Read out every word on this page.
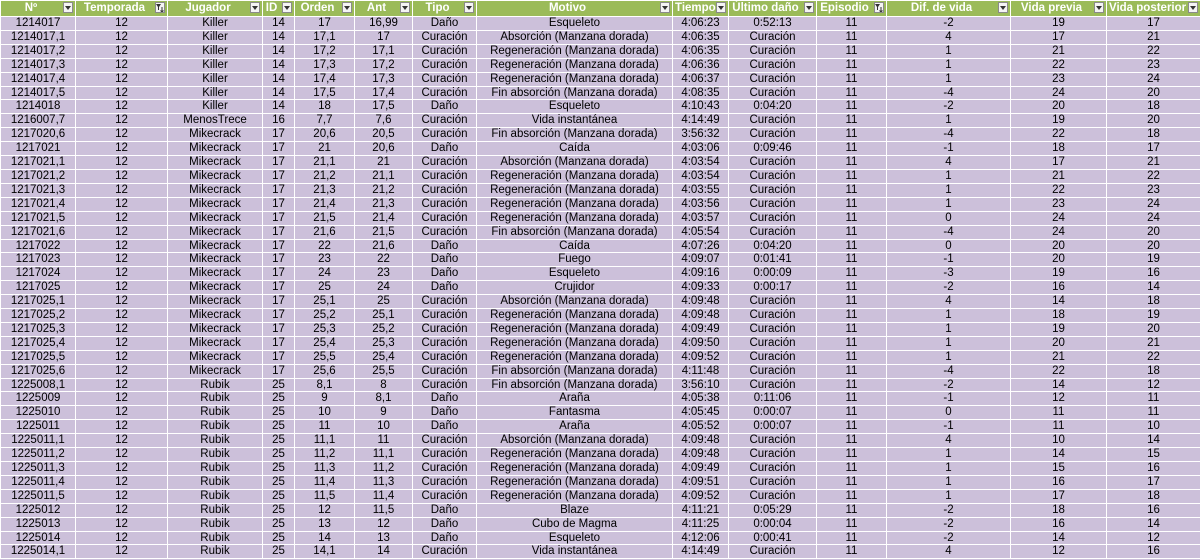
Nº	Temporada	Jugador	ID	Orden	Ant	Tipo	Motivo	Tiempo	Último daño	Episodio	Dif. de vida	Vida previa	Vida posterior

1214017	12	Killer	14	17	16,99	Daño	Esqueleto	4:06:23	0:52:13	11	-2	19	17
1214017,1	12	Killer	14	17,1	17	Curación	Absorción (Manzana dorada)	4:06:35	Curación	11	4	17	21
1214017,2	12	Killer	14	17,2	17,1	Curación	Regeneración (Manzana dorada)	4:06:35	Curación	11	1	21	22
1214017,3	12	Killer	14	17,3	17,2	Curación	Regeneración (Manzana dorada)	4:06:36	Curación	11	1	22	23
1214017,4	12	Killer	14	17,4	17,3	Curación	Regeneración (Manzana dorada)	4:06:37	Curación	11	1	23	24
1214017,5	12	Killer	14	17,5	17,4	Curación	Fin absorción (Manzana dorada)	4:08:35	Curación	11	-4	24	20
1214018	12	Killer	14	18	17,5	Daño	Esqueleto	4:10:43	0:04:20	11	-2	20	18
1216007,7	12	MenosTrece	16	7,7	7,6	Curación	Vida instantánea	4:14:49	Curación	11	1	19	20
1217020,6	12	Mikecrack	17	20,6	20,5	Curación	Fin absorción (Manzana dorada)	3:56:32	Curación	11	-4	22	18
1217021	12	Mikecrack	17	21	20,6	Daño	Caída	4:03:06	0:09:46	11	-1	18	17
1217021,1	12	Mikecrack	17	21,1	21	Curación	Absorción (Manzana dorada)	4:03:54	Curación	11	4	17	21
1217021,2	12	Mikecrack	17	21,2	21,1	Curación	Regeneración (Manzana dorada)	4:03:54	Curación	11	1	21	22
1217021,3	12	Mikecrack	17	21,3	21,2	Curación	Regeneración (Manzana dorada)	4:03:55	Curación	11	1	22	23
1217021,4	12	Mikecrack	17	21,4	21,3	Curación	Regeneración (Manzana dorada)	4:03:56	Curación	11	1	23	24
1217021,5	12	Mikecrack	17	21,5	21,4	Curación	Regeneración (Manzana dorada)	4:03:57	Curación	11	0	24	24
1217021,6	12	Mikecrack	17	21,6	21,5	Curación	Fin absorción (Manzana dorada)	4:05:54	Curación	11	-4	24	20
1217022	12	Mikecrack	17	22	21,6	Daño	Caída	4:07:26	0:04:20	11	0	20	20
1217023	12	Mikecrack	17	23	22	Daño	Fuego	4:09:07	0:01:41	11	-1	20	19
1217024	12	Mikecrack	17	24	23	Daño	Esqueleto	4:09:16	0:00:09	11	-3	19	16
1217025	12	Mikecrack	17	25	24	Daño	Crujidor	4:09:33	0:00:17	11	-2	16	14
1217025,1	12	Mikecrack	17	25,1	25	Curación	Absorción (Manzana dorada)	4:09:48	Curación	11	4	14	18
1217025,2	12	Mikecrack	17	25,2	25,1	Curación	Regeneración (Manzana dorada)	4:09:48	Curación	11	1	18	19
1217025,3	12	Mikecrack	17	25,3	25,2	Curación	Regeneración (Manzana dorada)	4:09:49	Curación	11	1	19	20
1217025,4	12	Mikecrack	17	25,4	25,3	Curación	Regeneración (Manzana dorada)	4:09:50	Curación	11	1	20	21
1217025,5	12	Mikecrack	17	25,5	25,4	Curación	Regeneración (Manzana dorada)	4:09:52	Curación	11	1	21	22
1217025,6	12	Mikecrack	17	25,6	25,5	Curación	Fin absorción (Manzana dorada)	4:11:48	Curación	11	-4	22	18
1225008,1	12	Rubik	25	8,1	8	Curación	Fin absorción (Manzana dorada)	3:56:10	Curación	11	-2	14	12
1225009	12	Rubik	25	9	8,1	Daño	Araña	4:05:38	0:11:06	11	-1	12	11
1225010	12	Rubik	25	10	9	Daño	Fantasma	4:05:45	0:00:07	11	0	11	11
1225011	12	Rubik	25	11	10	Daño	Araña	4:05:52	0:00:07	11	-1	11	10
1225011,1	12	Rubik	25	11,1	11	Curación	Absorción (Manzana dorada)	4:09:48	Curación	11	4	10	14
1225011,2	12	Rubik	25	11,2	11,1	Curación	Regeneración (Manzana dorada)	4:09:48	Curación	11	1	14	15
1225011,3	12	Rubik	25	11,3	11,2	Curación	Regeneración (Manzana dorada)	4:09:49	Curación	11	1	15	16
1225011,4	12	Rubik	25	11,4	11,3	Curación	Regeneración (Manzana dorada)	4:09:51	Curación	11	1	16	17
1225011,5	12	Rubik	25	11,5	11,4	Curación	Regeneración (Manzana dorada)	4:09:52	Curación	11	1	17	18
1225012	12	Rubik	25	12	11,5	Daño	Blaze	4:11:21	0:05:29	11	-2	18	16
1225013	12	Rubik	25	13	12	Daño	Cubo de Magma	4:11:25	0:00:04	11	-2	16	14
1225014	12	Rubik	25	14	13	Daño	Esqueleto	4:12:06	0:00:41	11	-2	14	12
1225014,1	12	Rubik	25	14,1	14	Curación	Vida instantánea	4:14:49	Curación	11	4	12	16
